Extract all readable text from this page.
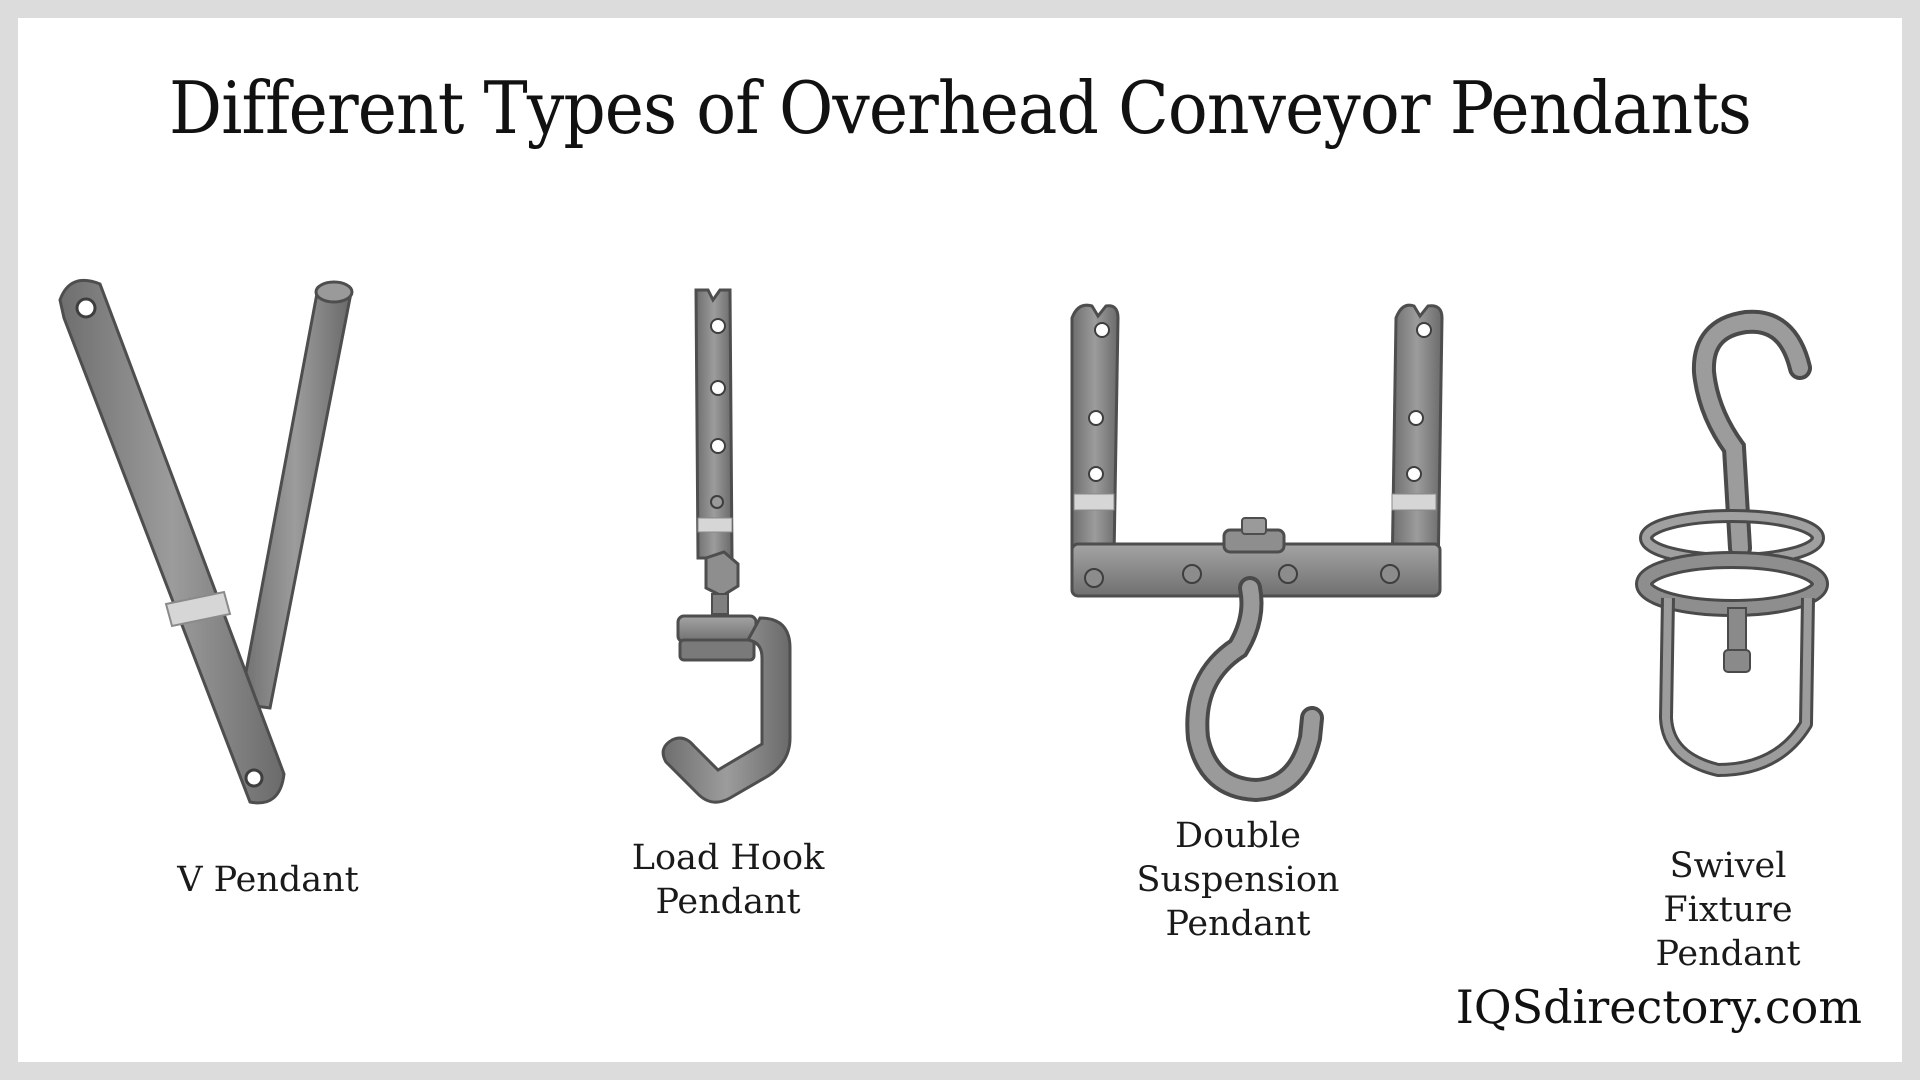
Different Types of Overhead Conveyor Pendants
V Pendant
Load Hook
Pendant
Double
Suspension
Pendant
Swivel
Fixture
Pendant
IQSdirectory.com
